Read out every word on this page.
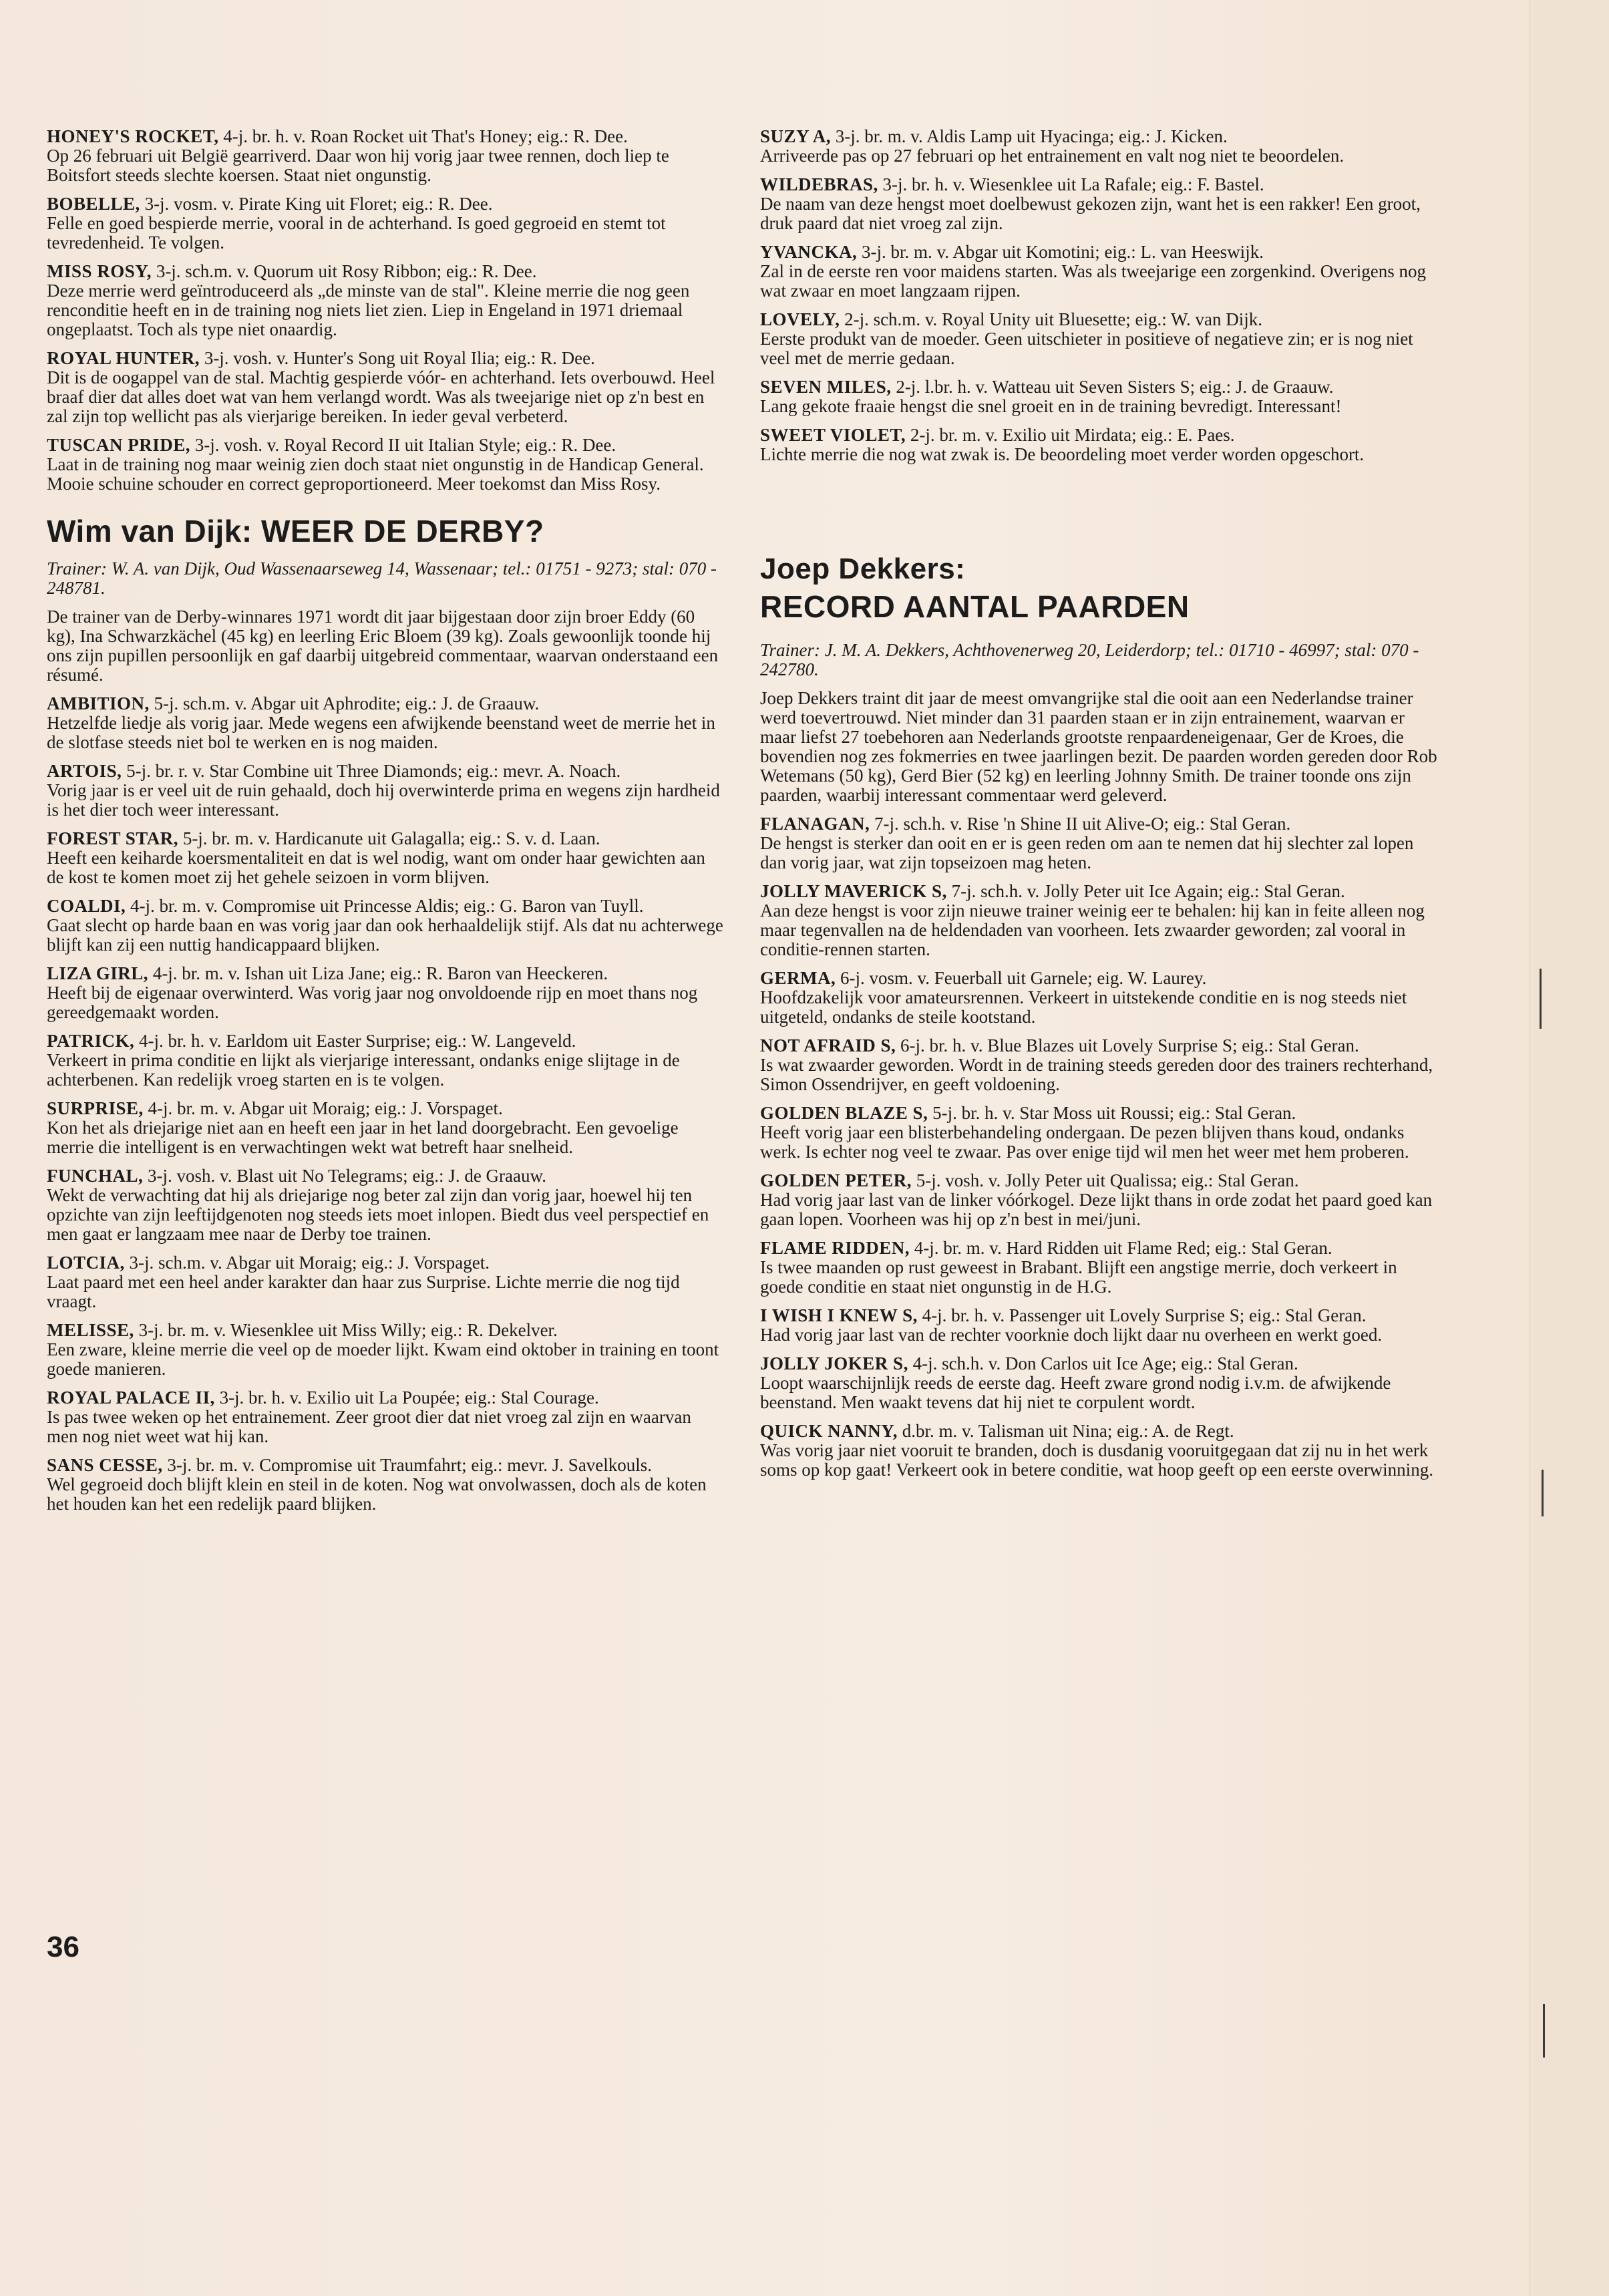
HONEY'S ROCKET, 4-j. br. h. v. Roan Rocket uit That's Honey; eig.: R. Dee.

Op 26 februari uit België gearriverd. Daar won hij vorig jaar twee rennen, doch liep te Boitsfort steeds slechte koersen. Staat niet ongunstig.

BOBELLE, 3-j. vosm. v. Pirate King uit Floret; eig.: R. Dee.

Felle en goed bespierde merrie, vooral in de achterhand. Is goed gegroeid en stemt tot tevredenheid. Te volgen.

MISS ROSY, 3-j. sch.m. v. Quorum uit Rosy Ribbon; eig.: R. Dee.

Deze merrie werd geïntroduceerd als „de minste van de stal". Kleine merrie die nog geen renconditie heeft en in de training nog niets liet zien. Liep in Engeland in 1971 driemaal ongeplaatst. Toch als type niet onaardig.

ROYAL HUNTER, 3-j. vosh. v. Hunter's Song uit Royal Ilia; eig.: R. Dee.

Dit is de oogappel van de stal. Machtig gespierde vóór- en achterhand. Iets overbouwd. Heel braaf dier dat alles doet wat van hem verlangd wordt. Was als tweejarige niet op z'n best en zal zijn top wellicht pas als vierjarige bereiken. In ieder geval verbeterd.

TUSCAN PRIDE, 3-j. vosh. v. Royal Record II uit Italian Style; eig.: R. Dee.

Laat in de training nog maar weinig zien doch staat niet ongunstig in de Handicap General. Mooie schuine schouder en correct geproportioneerd. Meer toekomst dan Miss Rosy.

Wim van Dijk: WEER DE DERBY?

Trainer: W. A. van Dijk, Oud Wassenaarseweg 14, Wassenaar; tel.: 01751 - 9273; stal: 070 - 248781.

De trainer van de Derby-winnares 1971 wordt dit jaar bijgestaan door zijn broer Eddy (60 kg), Ina Schwarzkächel (45 kg) en leerling Eric Bloem (39 kg). Zoals gewoonlijk toonde hij ons zijn pupillen persoonlijk en gaf daarbij uitgebreid commentaar, waarvan onderstaand een résumé.

AMBITION, 5-j. sch.m. v. Abgar uit Aphrodite; eig.: J. de Graauw.

Hetzelfde liedje als vorig jaar. Mede wegens een afwijkende beenstand weet de merrie het in de slotfase steeds niet bol te werken en is nog maiden.

ARTOIS, 5-j. br. r. v. Star Combine uit Three Diamonds; eig.: mevr. A. Noach.

Vorig jaar is er veel uit de ruin gehaald, doch hij overwinterde prima en wegens zijn hardheid is het dier toch weer interessant.

FOREST STAR, 5-j. br. m. v. Hardicanute uit Galagalla; eig.: S. v. d. Laan.

Heeft een keiharde koersmentaliteit en dat is wel nodig, want om onder haar gewichten aan de kost te komen moet zij het gehele seizoen in vorm blijven.

COALDI, 4-j. br. m. v. Compromise uit Princesse Aldis; eig.: G. Baron van Tuyll.

Gaat slecht op harde baan en was vorig jaar dan ook herhaaldelijk stijf. Als dat nu achterwege blijft kan zij een nuttig handicappaard blijken.

LIZA GIRL, 4-j. br. m. v. Ishan uit Liza Jane; eig.: R. Baron van Heeckeren.

Heeft bij de eigenaar overwinterd. Was vorig jaar nog onvoldoende rijp en moet thans nog gereedgemaakt worden.

PATRICK, 4-j. br. h. v. Earldom uit Easter Surprise; eig.: W. Langeveld.

Verkeert in prima conditie en lijkt als vierjarige interessant, ondanks enige slijtage in de achterbenen. Kan redelijk vroeg starten en is te volgen.

SURPRISE, 4-j. br. m. v. Abgar uit Moraig; eig.: J. Vorspaget.

Kon het als driejarige niet aan en heeft een jaar in het land doorgebracht. Een gevoelige merrie die intelligent is en verwachtingen wekt wat betreft haar snelheid.

FUNCHAL, 3-j. vosh. v. Blast uit No Telegrams; eig.: J. de Graauw.

Wekt de verwachting dat hij als driejarige nog beter zal zijn dan vorig jaar, hoewel hij ten opzichte van zijn leeftijdgenoten nog steeds iets moet inlopen. Biedt dus veel perspectief en men gaat er langzaam mee naar de Derby toe trainen.

LOTCIA, 3-j. sch.m. v. Abgar uit Moraig; eig.: J. Vorspaget.

Laat paard met een heel ander karakter dan haar zus Surprise. Lichte merrie die nog tijd vraagt.

MELISSE, 3-j. br. m. v. Wiesenklee uit Miss Willy; eig.: R. Dekelver.

Een zware, kleine merrie die veel op de moeder lijkt. Kwam eind oktober in training en toont goede manieren.

ROYAL PALACE II, 3-j. br. h. v. Exilio uit La Poupée; eig.: Stal Courage.

Is pas twee weken op het entrainement. Zeer groot dier dat niet vroeg zal zijn en waarvan men nog niet weet wat hij kan.

SANS CESSE, 3-j. br. m. v. Compromise uit Traumfahrt; eig.: mevr. J. Savelkouls.

Wel gegroeid doch blijft klein en steil in de koten. Nog wat onvolwassen, doch als de koten het houden kan het een redelijk paard blijken.

SUZY A, 3-j. br. m. v. Aldis Lamp uit Hyacinga; eig.: J. Kicken.

Arriveerde pas op 27 februari op het entrainement en valt nog niet te beoordelen.

WILDEBRAS, 3-j. br. h. v. Wiesenklee uit La Rafale; eig.: F. Bastel.

De naam van deze hengst moet doelbewust gekozen zijn, want het is een rakker! Een groot, druk paard dat niet vroeg zal zijn.

YVANCKA, 3-j. br. m. v. Abgar uit Komotini; eig.: L. van Heeswijk.

Zal in de eerste ren voor maidens starten. Was als tweejarige een zorgenkind. Overigens nog wat zwaar en moet langzaam rijpen.

LOVELY, 2-j. sch.m. v. Royal Unity uit Bluesette; eig.: W. van Dijk.

Eerste produkt van de moeder. Geen uitschieter in positieve of negatieve zin; er is nog niet veel met de merrie gedaan.

SEVEN MILES, 2-j. l.br. h. v. Watteau uit Seven Sisters S; eig.: J. de Graauw.

Lang gekote fraaie hengst die snel groeit en in de training bevredigt. Interessant!

SWEET VIOLET, 2-j. br. m. v. Exilio uit Mirdata; eig.: E. Paes.

Lichte merrie die nog wat zwak is. De beoordeling moet verder worden opgeschort.

Joep Dekkers:
RECORD AANTAL PAARDEN

Trainer: J. M. A. Dekkers, Achthovenerweg 20, Leiderdorp; tel.: 01710 - 46997; stal: 070 - 242780.

Joep Dekkers traint dit jaar de meest omvangrijke stal die ooit aan een Nederlandse trainer werd toevertrouwd. Niet minder dan 31 paarden staan er in zijn entrainement, waarvan er maar liefst 27 toebehoren aan Nederlands grootste renpaardeneigenaar, Ger de Kroes, die bovendien nog zes fokmerries en twee jaarlingen bezit. De paarden worden gereden door Rob Wetemans (50 kg), Gerd Bier (52 kg) en leerling Johnny Smith. De trainer toonde ons zijn paarden, waarbij interessant commentaar werd geleverd.

FLANAGAN, 7-j. sch.h. v. Rise 'n Shine II uit Alive-O; eig.: Stal Geran.

De hengst is sterker dan ooit en er is geen reden om aan te nemen dat hij slechter zal lopen dan vorig jaar, wat zijn topseizoen mag heten.

JOLLY MAVERICK S, 7-j. sch.h. v. Jolly Peter uit Ice Again; eig.: Stal Geran.

Aan deze hengst is voor zijn nieuwe trainer weinig eer te behalen: hij kan in feite alleen nog maar tegenvallen na de heldendaden van voorheen. Iets zwaarder geworden; zal vooral in conditie-rennen starten.

GERMA, 6-j. vosm. v. Feuerball uit Garnele; eig. W. Laurey.

Hoofdzakelijk voor amateursrennen. Verkeert in uitstekende conditie en is nog steeds niet uitgeteld, ondanks de steile kootstand.

NOT AFRAID S, 6-j. br. h. v. Blue Blazes uit Lovely Surprise S; eig.: Stal Geran.

Is wat zwaarder geworden. Wordt in de training steeds gereden door des trainers rechterhand, Simon Ossendrijver, en geeft voldoening.

GOLDEN BLAZE S, 5-j. br. h. v. Star Moss uit Roussi; eig.: Stal Geran.

Heeft vorig jaar een blisterbehandeling ondergaan. De pezen blijven thans koud, ondanks werk. Is echter nog veel te zwaar. Pas over enige tijd wil men het weer met hem proberen.

GOLDEN PETER, 5-j. vosh. v. Jolly Peter uit Qualissa; eig.: Stal Geran.

Had vorig jaar last van de linker vóórkogel. Deze lijkt thans in orde zodat het paard goed kan gaan lopen. Voorheen was hij op z'n best in mei/juni.

FLAME RIDDEN, 4-j. br. m. v. Hard Ridden uit Flame Red; eig.: Stal Geran.

Is twee maanden op rust geweest in Brabant. Blijft een angstige merrie, doch verkeert in goede conditie en staat niet ongunstig in de H.G.

I WISH I KNEW S, 4-j. br. h. v. Passenger uit Lovely Surprise S; eig.: Stal Geran.

Had vorig jaar last van de rechter voorknie doch lijkt daar nu overheen en werkt goed.

JOLLY JOKER S, 4-j. sch.h. v. Don Carlos uit Ice Age; eig.: Stal Geran.

Loopt waarschijnlijk reeds de eerste dag. Heeft zware grond nodig i.v.m. de afwijkende beenstand. Men waakt tevens dat hij niet te corpulent wordt.

QUICK NANNY, d.br. m. v. Talisman uit Nina; eig.: A. de Regt.

Was vorig jaar niet vooruit te branden, doch is dusdanig vooruitgegaan dat zij nu in het werk soms op kop gaat! Verkeert ook in betere conditie, wat hoop geeft op een eerste overwinning.

36
